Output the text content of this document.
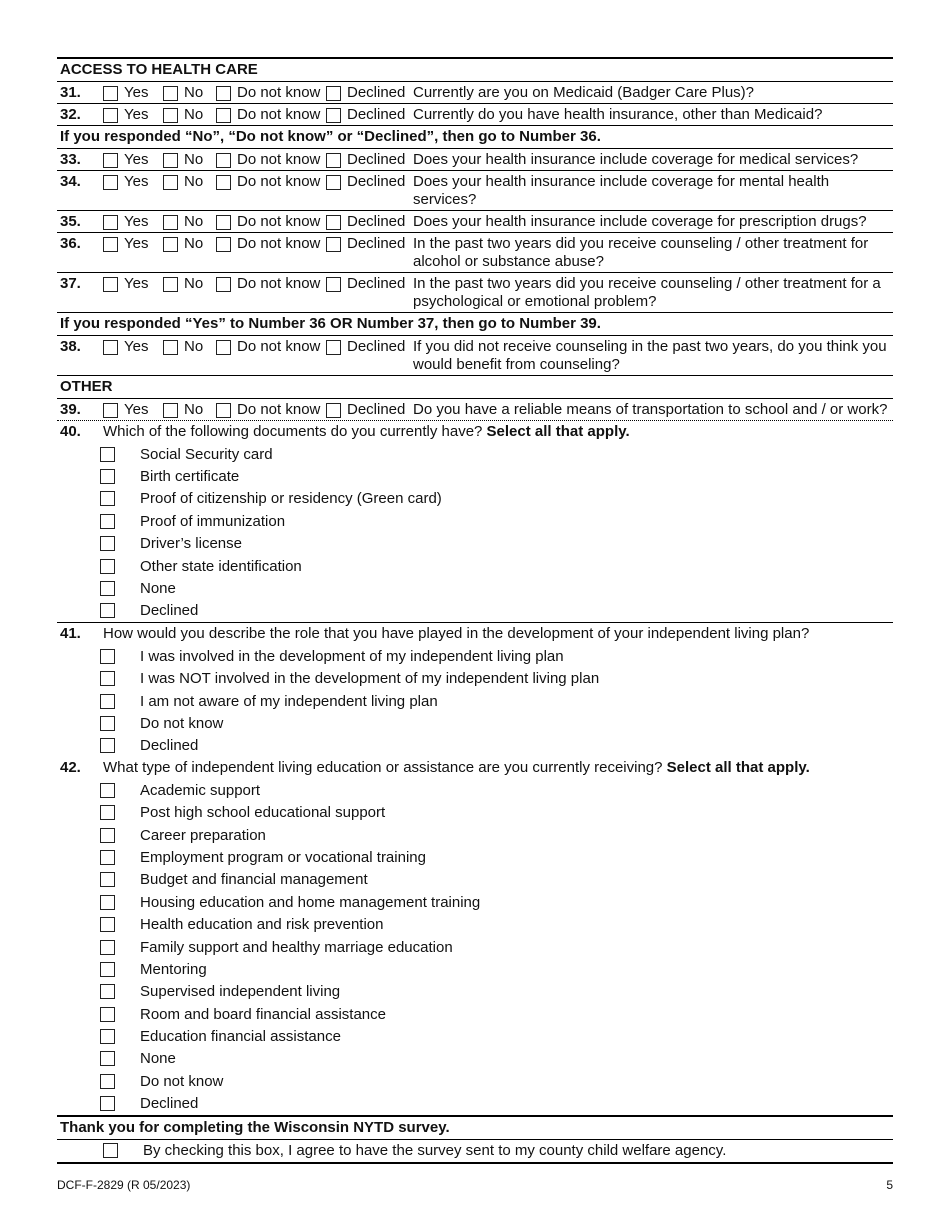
ACCESS TO HEALTH CARE
31.	Yes No Do not know Declined Currently are you on Medicaid (Badger Care Plus)?
32.	Yes No Do not know Declined Currently do you have health insurance, other than Medicaid?
If you responded “No”, “Do not know” or “Declined”, then go to Number 36.
33.	Yes No Do not know Declined Does your health insurance include coverage for medical services?
34.	Yes No Do not know Declined Does your health insurance include coverage for mental health services?
35.	Yes No Do not know Declined Does your health insurance include coverage for prescription drugs?
36.	Yes No Do not know Declined In the past two years did you receive counseling / other treatment for alcohol or substance abuse?
37.	Yes No Do not know Declined In the past two years did you receive counseling / other treatment for a psychological or emotional problem?
If you responded “Yes” to Number 36 OR Number 37, then go to Number 39.
38.	Yes No Do not know Declined If you did not receive counseling in the past two years, do you think you would benefit from counseling?
OTHER
39.	Yes No Do not know Declined Do you have a reliable means of transportation to school and / or work?
40.	Which of the following documents do you currently have? Select all that apply.
Social Security card
Birth certificate
Proof of citizenship or residency (Green card)
Proof of immunization
Driver’s license
Other state identification
None
Declined
41.	How would you describe the role that you have played in the development of your independent living plan?
I was involved in the development of my independent living plan
I was NOT involved in the development of my independent living plan
I am not aware of my independent living plan
Do not know
Declined
42.	What type of independent living education or assistance are you currently receiving? Select all that apply.
Academic support
Post high school educational support
Career preparation
Employment program or vocational training
Budget and financial management
Housing education and home management training
Health education and risk prevention
Family support and healthy marriage education
Mentoring
Supervised independent living
Room and board financial assistance
Education financial assistance
None
Do not know
Declined
Thank you for completing the Wisconsin NYTD survey.
By checking this box, I agree to have the survey sent to my county child welfare agency.
DCF-F-2829 (R 05/2023)	5
